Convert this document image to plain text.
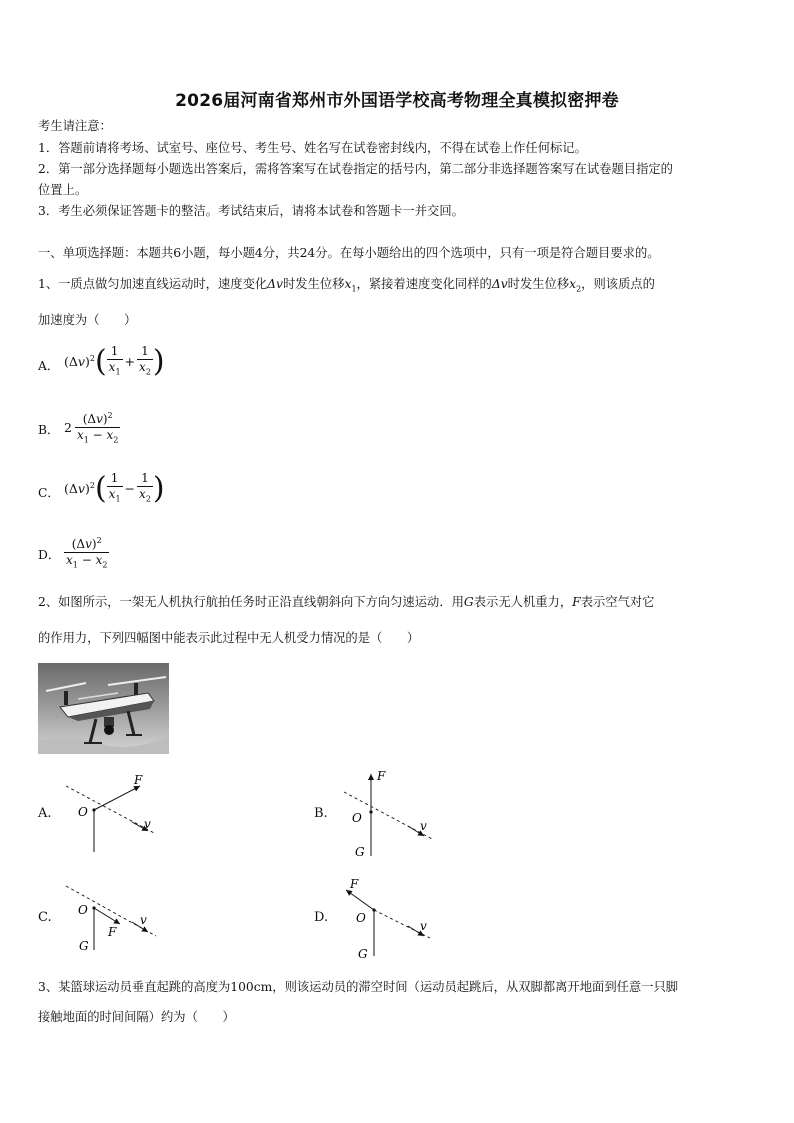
2026届河南省郑州市外国语学校高考物理全真模拟密押卷
考生请注意：
1．答题前请将考场、试室号、座位号、考生号、姓名写在试卷密封线内，不得在试卷上作任何标记。
2．第一部分选择题每小题选出答案后，需将答案写在试卷指定的括号内，第二部分非选择题答案写在试卷题目指定的
位置上。
3．考生必须保证答题卡的整洁。考试结束后，请将本试卷和答题卡一并交回。
一、单项选择题：本题共6小题，每小题4分，共24分。在每小题给出的四个选项中，只有一项是符合题目要求的。
1、一质点做匀加速直线运动时，速度变化Δv时发生位移$x_1$，紧接着速度变化同样的Δv时发生位移$x_2$，则该质点的
加速度为（　　）
A． $(\Delta v)^2$ ( $\frac{1}{x_1} + \frac{1}{x_2}$ )
B． $2 \frac{(\Delta v)^2}{x_1 - x_2}$
C． $(\Delta v)^2$ ( $\frac{1}{x_1} - \frac{1}{x_2}$ )
D． $\frac{(\Delta v)^2}{x_1 - x_2}$
2、如图所示，一架无人机执行航拍任务时正沿直线朝斜向下方向匀速运动．用G表示无人机重力，F表示空气对它
的作用力，下列四幅图中能表示此过程中无人机受力情况的是（　　）
A. O
F
v
B. O
F
v
G
C. O
F
v
G
D. O
F
v
G
3、某篮球运动员垂直起跳的高度为100cm，则该运动员的滞空时间（运动员起跳后，从双脚都离开地面到任意一只脚
接触地面的时间间隔）约为（　　）
